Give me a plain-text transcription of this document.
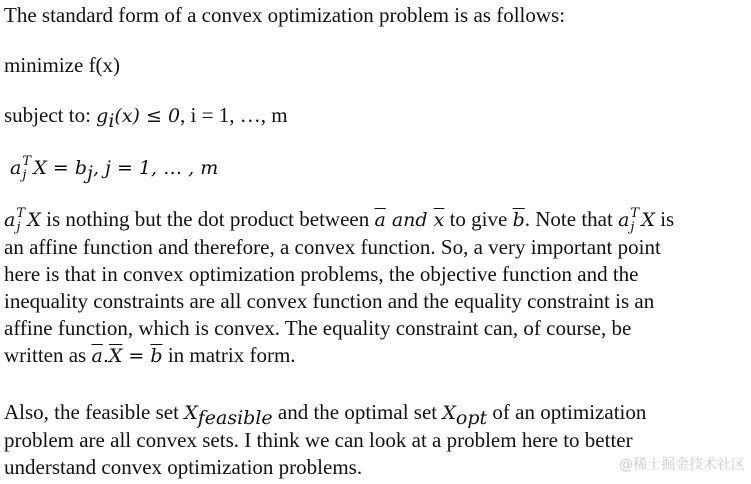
The standard form of a convex optimization problem is as follows:
minimize f(x)
subject to: $g_i(x) \le 0$, i = 1, …, m
a T
j $X = b_j$, j = 1, … , m
a T
j X is nothing but the dot product between $\overline{a}$ and $\overline{x}$ to give $\overline{b}$. Note that a T
j X is
an affine function and therefore, a convex function. So, a very important point
here is that in convex optimization problems, the objective function and the
inequality constraints are all convex function and the equality constraint is an
affine function, which is convex. The equality constraint can, of course, be
written as $\overline{a}.\overline{X} = \overline{b}$ in matrix form.
Also, the feasible set $X_{feasible}$ and the optimal set $X_{opt}$ of an optimization
problem are all convex sets. I think we can look at a problem here to better
understand convex optimization problems.	@稀土掘金技术社区
